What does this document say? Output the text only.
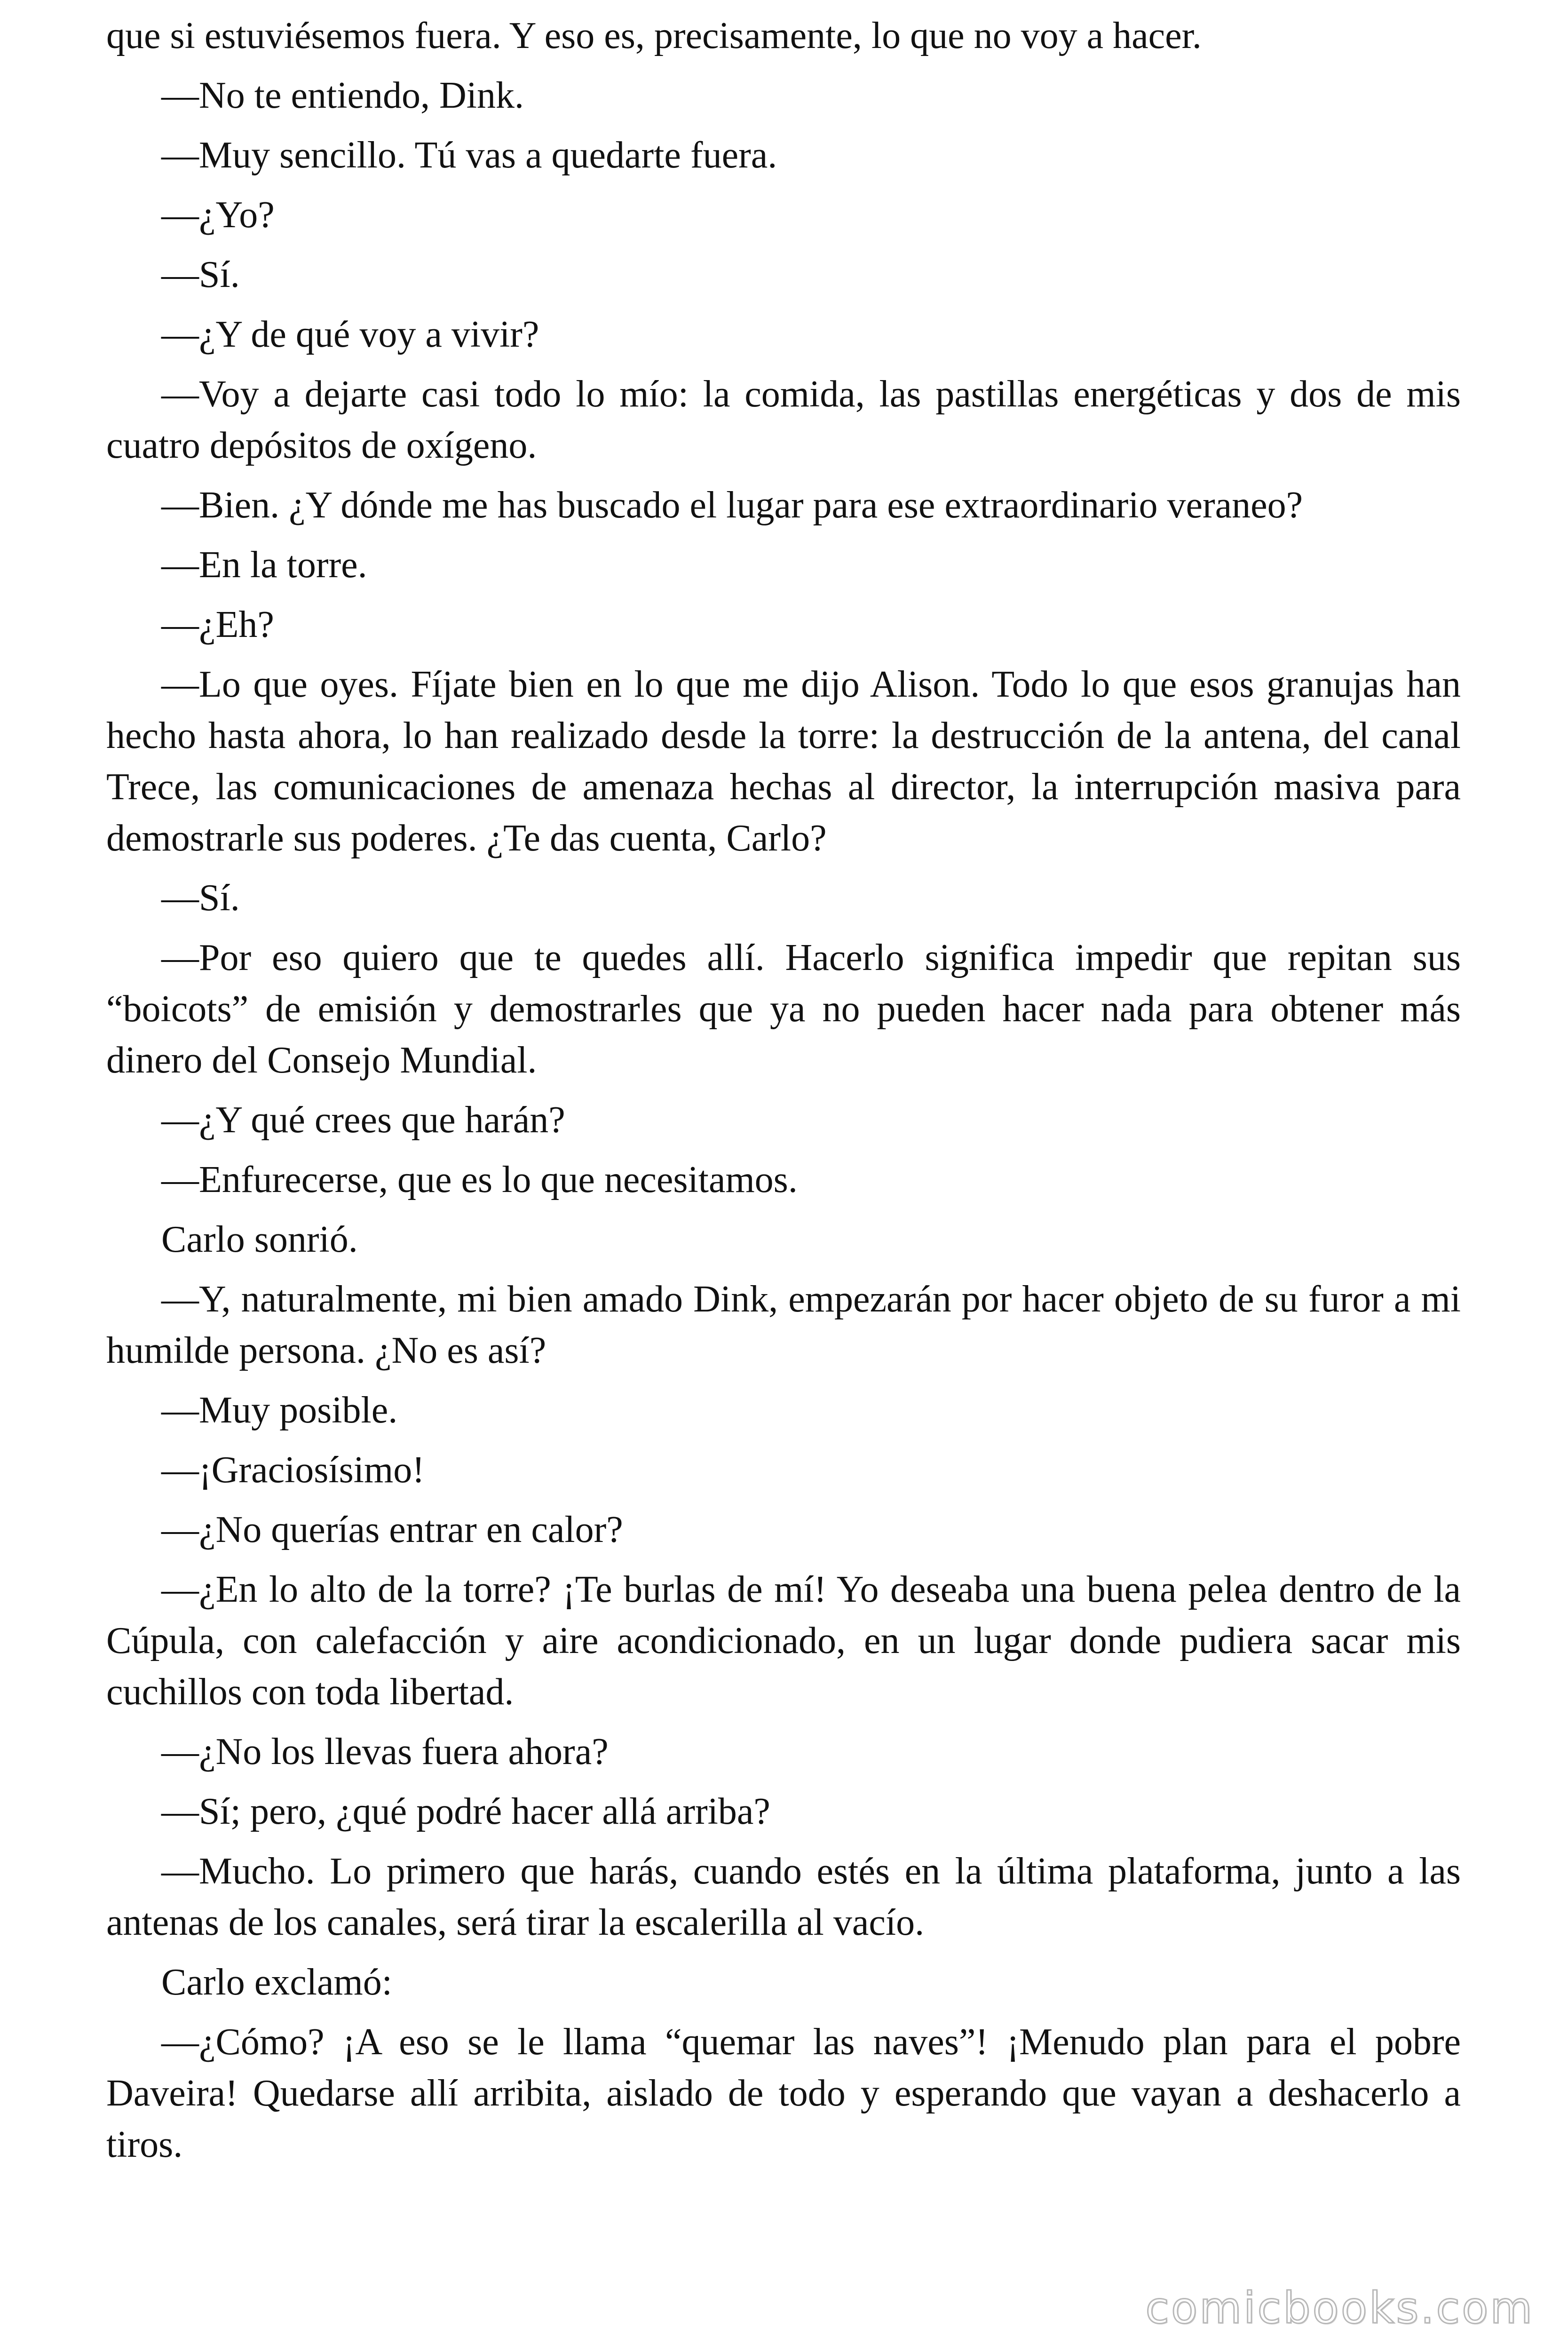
que si estuviésemos fuera. Y eso es, precisamente, lo que no voy a hacer.

—No te entiendo, Dink.

—Muy sencillo. Tú vas a quedarte fuera.

—¿Yo?

—Sí.

—¿Y de qué voy a vivir?

—Voy a dejarte casi todo lo mío: la comida, las pastillas energéticas y dos de mis cuatro depósitos de oxígeno.

—Bien. ¿Y dónde me has buscado el lugar para ese extraordinario veraneo?

—En la torre.

—¿Eh?

—Lo que oyes. Fíjate bien en lo que me dijo Alison. Todo lo que esos granujas han hecho hasta ahora, lo han realizado desde la torre: la destrucción de la antena, del canal Trece, las comunicaciones de amenaza hechas al director, la interrupción masiva para demostrarle sus poderes. ¿Te das cuenta, Carlo?

—Sí.

—Por eso quiero que te quedes allí. Hacerlo significa impedir que repitan sus “boicots” de emisión y demostrarles que ya no pueden hacer nada para obtener más dinero del Consejo Mundial.

—¿Y qué crees que harán?

—Enfurecerse, que es lo que necesitamos.

Carlo sonrió.

—Y, naturalmente, mi bien amado Dink, empezarán por hacer objeto de su furor a mi humilde persona. ¿No es así?

—Muy posible.

—¡Graciosísimo!

—¿No querías entrar en calor?

—¿En lo alto de la torre? ¡Te burlas de mí! Yo deseaba una buena pelea dentro de la Cúpula, con calefacción y aire acondicionado, en un lugar donde pudiera sacar mis cuchillos con toda libertad.

—¿No los llevas fuera ahora?

—Sí; pero, ¿qué podré hacer allá arriba?

—Mucho. Lo primero que harás, cuando estés en la última plataforma, junto a las antenas de los canales, será tirar la escalerilla al vacío.

Carlo exclamó:

—¿Cómo? ¡A eso se le llama “quemar las naves”! ¡Menudo plan para el pobre Daveira! Quedarse allí arribita, aislado de todo y esperando que vayan a deshacerlo a tiros.

comicbooks.com
